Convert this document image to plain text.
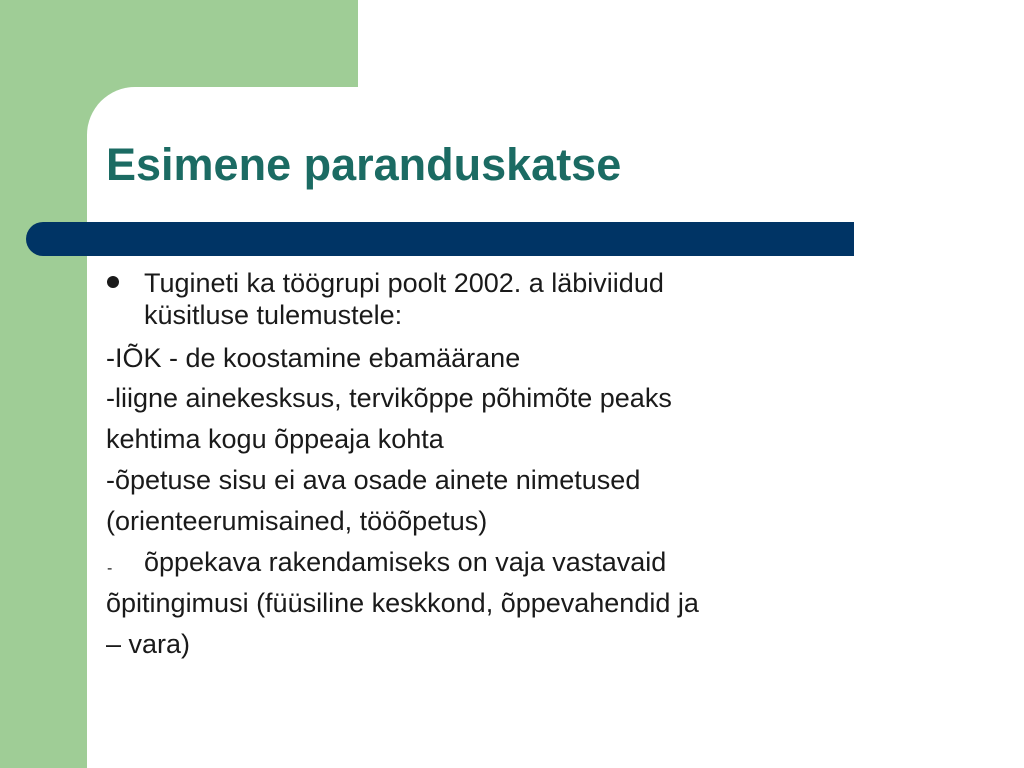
Esimene paranduskatse
Tugineti ka töögrupi poolt 2002. a läbiviidud
küsitluse tulemustele:
-IÕK - de koostamine ebamäärane
-liigne ainekesksus, tervikõppe põhimõte peaks
kehtima kogu õppeaja kohta
-õpetuse sisu ei ava osade ainete nimetused
(orienteerumisained, tööõpetus)
- õppekava rakendamiseks on vaja vastavaid
õpitingimusi (füüsiline keskkond, õppevahendid ja
– vara)
